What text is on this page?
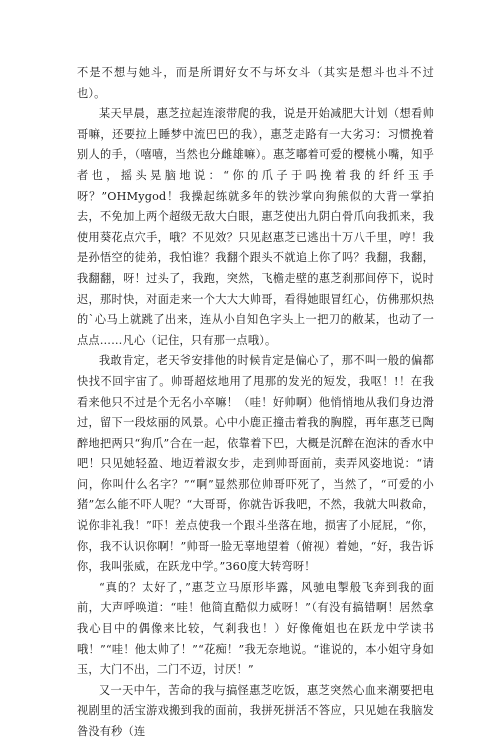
不是不想与她斗，而是所谓好女不与坏女斗（其实是想斗也斗不过也）。

某天早晨，惠芝拉起连滚带爬的我，说是开始减肥大计划（想看帅哥嘛，还要拉上睡梦中流巴巴的我），惠芝走路有一大劣习：习惯挽着别人的手，（嘻嘻，当然也分雌雄嘛）。惠芝嘟着可爱的樱桃小嘴，知乎者也，摇头晃脑地说：“你的爪子于吗挽着我的纤纤玉手呀？”OHMygod！我操起练就多年的铁沙掌向狗熊似的大背一掌拍去，不免加上两个超级无敌大白眼，惠芝使出九阴白骨爪向我抓来，我使用葵花点穴手，哦？不见效？只见赵惠芝已逃出十万八千里，哼！我是孙悟空的徒弟，我怕谁？我翻个跟头不就追上你了吗？我翻，我翻，我翻翻，呀！过头了，我跑，突然，飞檐走壁的惠芝刹那间停下，说时迟，那时快，对面走来一个大大大帅哥，看得她眼冒红心，仿佛那炽热的`心马上就跳了出来，连从小自知色字头上一把刀的敝某，也动了一点点……凡心（记住，只有那一点哦）。

我敢肯定，老天爷安排他的时候肯定是偏心了，那不叫一般的偏都快找不回宇宙了。帅哥超炫地用了甩那的发光的短发，我呕！!！在我看来他只不过是个无名小卒嘛！（哇！好帅啊）他悄悄地从我们身边滑过，留下一段炫丽的风景。心中小鹿正撞击着我的胸膛，再年惠芝已陶醉地把两只“狗爪”合在一起，依靠着下巴，大概是沉醉在泡沫的香水中吧！只见她轻盈、地迈着淑女步，走到帅哥面前，卖弄风姿地说：“请问，你叫什么名字？”“啊”显然那位帅哥吓死了，当然了，“可爱的小猪”怎么能不吓人呢？“大哥哥，你就告诉我吧，不然，我就大叫救命，说你非礼我！”吓！差点使我一个跟斗坐落在地，损害了小屁屁，“你，你，我不认识你啊！”帅哥一脸无辜地望着（俯视）着她，“好，我告诉你，我叫张威，在跃龙中学。”360度大转弯呀！

“真的？太好了，”惠芝立马原形毕露，风驰电掣般飞奔到我的面前，大声呼唤道：“哇！他简直酷似力威呀！”（有没有搞错啊！居然拿我心目中的偶像来比较，气剎我也！）好像俺姐也在跃龙中学读书哦！”“哇！他太帅了！”“花痴！”我无奈地说。“谁说的，本小姐守身如玉，大门不出，二门不迈，讨厌！”

又一天中午，苦命的我与搞怪惠芝吃饭，惠芝突然心血来潮要把电视剧里的活宝游戏搬到我的面前，我拼死拼活不答应，只见她在我脑发昝没有秒（连
